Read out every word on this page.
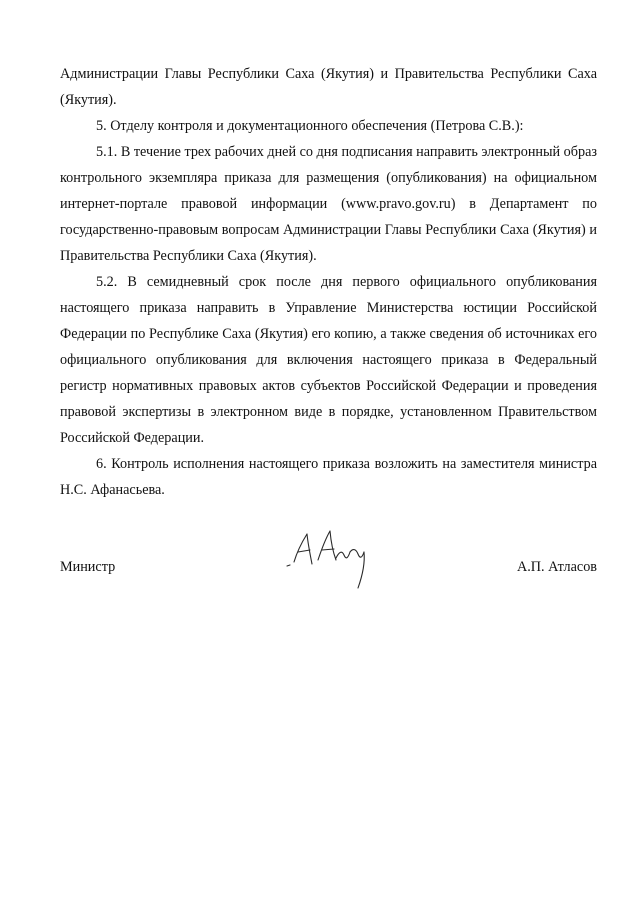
Администрации Главы Республики Саха (Якутия) и Правительства Республики Саха (Якутия).

5. Отделу контроля и документационного обеспечения (Петрова С.В.):

5.1. В течение трех рабочих дней со дня подписания направить электронный образ контрольного экземпляра приказа для размещения (опубликования) на официальном интернет-портале правовой информации (www.pravo.gov.ru) в Департамент по государственно-правовым вопросам Администрации Главы Республики Саха (Якутия) и Правительства Республики Саха (Якутия).

5.2. В семидневный срок после дня первого официального опубликования настоящего приказа направить в Управление Министерства юстиции Российской Федерации по Республике Саха (Якутия) его копию, а также сведения об источниках его официального опубликования для включения настоящего приказа в Федеральный регистр нормативных правовых актов субъектов Российской Федерации и проведения правовой экспертизы в электронном виде в порядке, установленном Правительством Российской Федерации.

6. Контроль исполнения настоящего приказа возложить на заместителя министра Н.С. Афанасьева.

Министр	А.П. Атласов
